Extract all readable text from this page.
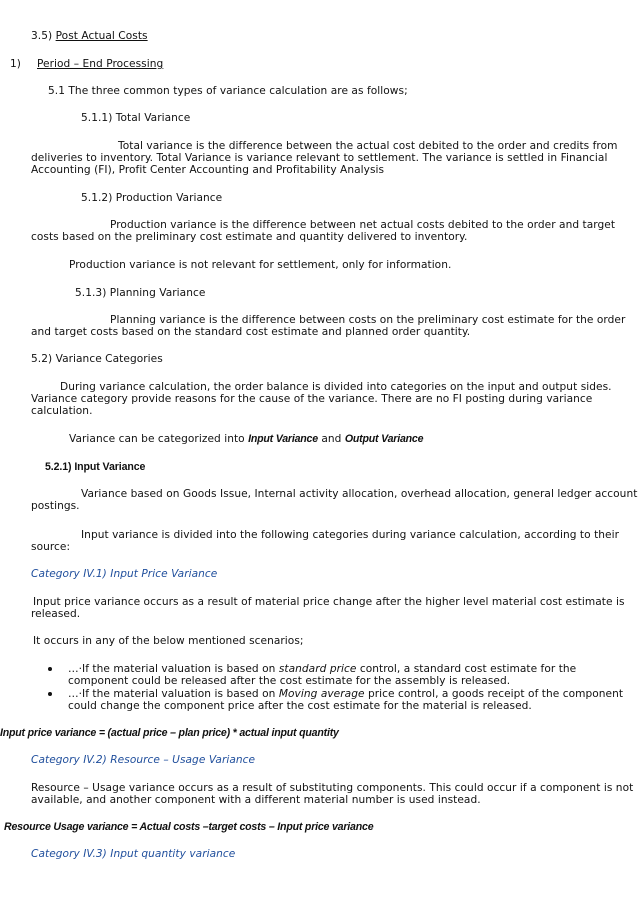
3.5) Post Actual Costs
1) Period – End Processing
5.1 The three common types of variance calculation are as follows;
5.1.1) Total Variance
Total variance is the difference between the actual cost debited to the order and credits from
deliveries to inventory. Total Variance is variance relevant to settlement. The variance is settled in Financial
Accounting (FI), Profit Center Accounting and Profitability Analysis
5.1.2) Production Variance
Production variance is the difference between net actual costs debited to the order and target
costs based on the preliminary cost estimate and quantity delivered to inventory.
Production variance is not relevant for settlement, only for information.
5.1.3) Planning Variance
Planning variance is the difference between costs on the preliminary cost estimate for the order
and target costs based on the standard cost estimate and planned order quantity.
5.2) Variance Categories
During variance calculation, the order balance is divided into categories on the input and output sides.
Variance category provide reasons for the cause of the variance. There are no FI posting during variance
calculation.
Variance can be categorized into Input Variance and Output Variance
5.2.1) Input Variance
Variance based on Goods Issue, Internal activity allocation, overhead allocation, general ledger account
postings.
Input variance is divided into the following categories during variance calculation, according to their
source:
Category IV.1) Input Price Variance
Input price variance occurs as a result of material price change after the higher level material cost estimate is
released.
It occurs in any of the below mentioned scenarios;
…·If the material valuation is based on standard price control, a standard cost estimate for the
component could be released after the cost estimate for the assembly is released.
…·If the material valuation is based on Moving average price control, a goods receipt of the component
could change the component price after the cost estimate for the material is released.
Input price variance = (actual price – plan price) * actual input quantity
Category IV.2) Resource – Usage Variance
Resource – Usage variance occurs as a result of substituting components. This could occur if a component is not
available, and another component with a different material number is used instead.
Resource Usage variance = Actual costs –target costs – Input price variance
Category IV.3) Input quantity variance
